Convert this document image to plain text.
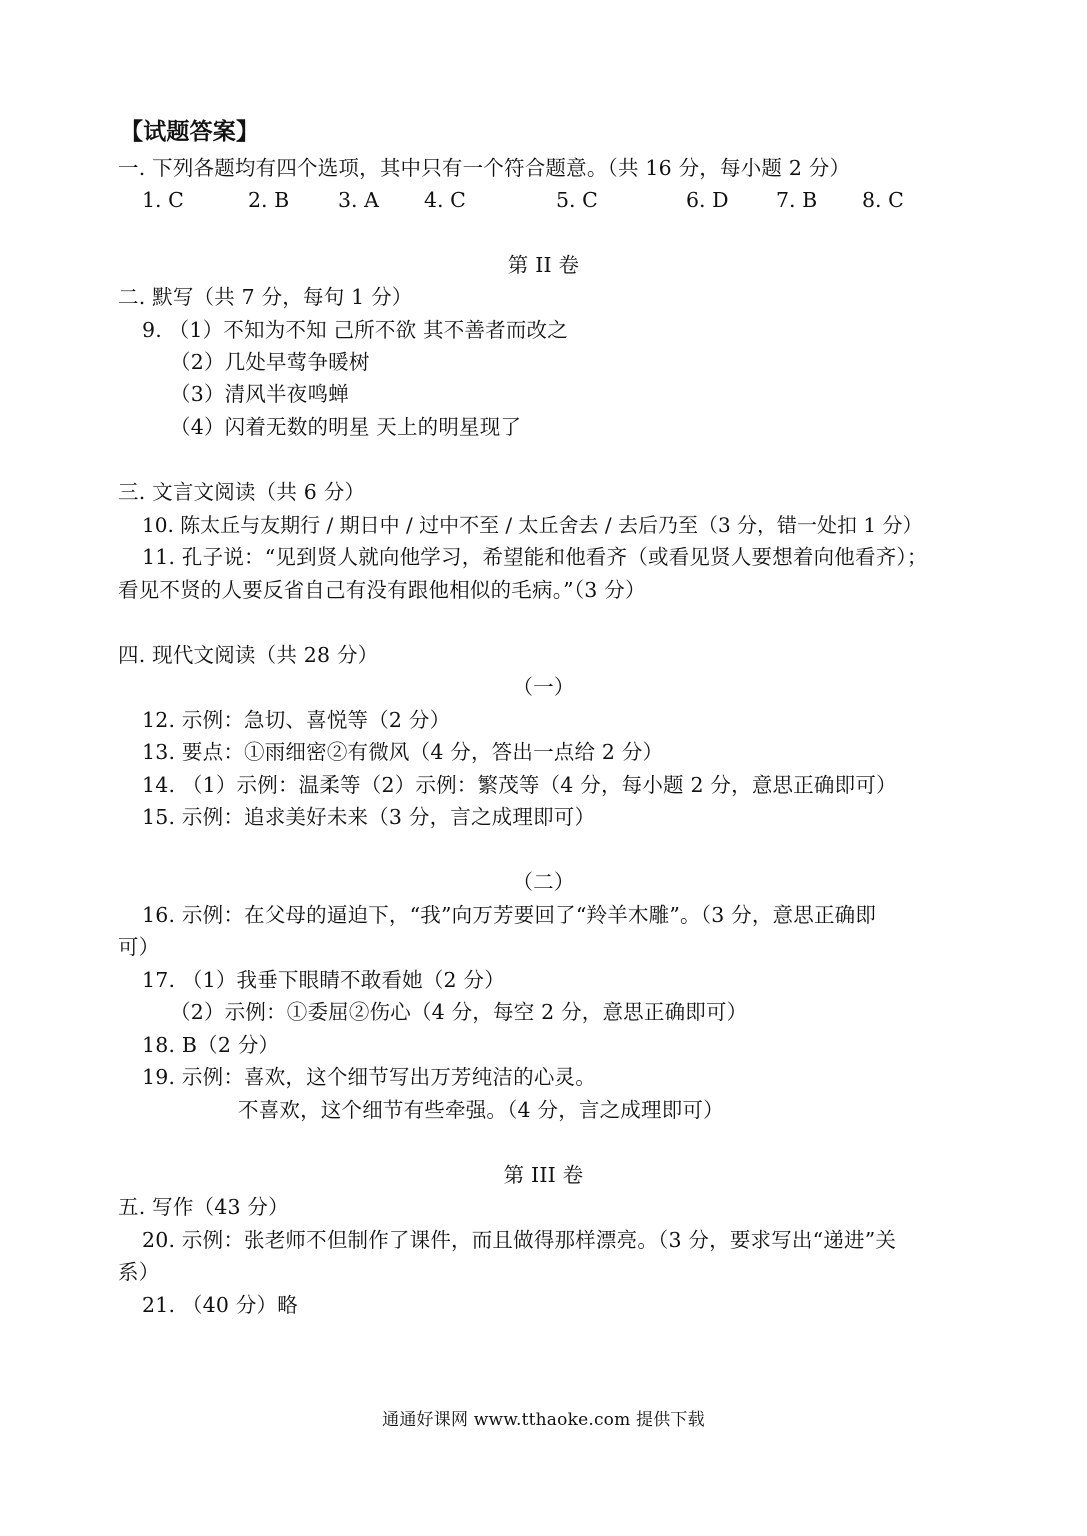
【试题答案】
一. 下列各题均有四个选项，其中只有一个符合题意。（共 16 分，每小题 2 分）
1. C	2. B 3. A 4. C	5. C	6. D 7. B 8. C
第 II 卷
二. 默写（共 7 分，每句 1 分）
9. （1）不知为不知 己所不欲 其不善者而改之
（2）几处早莺争暖树
（3）清风半夜鸣蝉
（4）闪着无数的明星 天上的明星现了
三. 文言文阅读（共 6 分）
10. 陈太丘与友期行 / 期日中 / 过中不至 / 太丘舍去 / 去后乃至（3 分，错一处扣 1 分）
11. 孔子说：“见到贤人就向他学习，希望能和他看齐（或看见贤人要想着向他看齐）；
看见不贤的人要反省自己有没有跟他相似的毛病。”（3 分）
四. 现代文阅读（共 28 分）
（一）
12. 示例：急切、喜悦等（2 分）
13. 要点：①雨细密②有微风（4 分，答出一点给 2 分）
14. （1）示例：温柔等（2）示例：繁茂等（4 分，每小题 2 分，意思正确即可）
15. 示例：追求美好未来（3 分，言之成理即可）
（二）
16. 示例：在父母的逼迫下，“我”向万芳要回了“羚羊木雕”。（3 分，意思正确即
可）
17. （1）我垂下眼睛不敢看她（2 分）
（2）示例：①委屈②伤心（4 分，每空 2 分，意思正确即可）
18. B（2 分）
19. 示例：喜欢，这个细节写出万芳纯洁的心灵。
不喜欢，这个细节有些牵强。（4 分，言之成理即可）
第 III 卷
五. 写作（43 分）
20. 示例：张老师不但制作了课件，而且做得那样漂亮。（3 分，要求写出“递进”关
系）
21. （40 分）略
通通好课网 www.tthaoke.com 提供下载
